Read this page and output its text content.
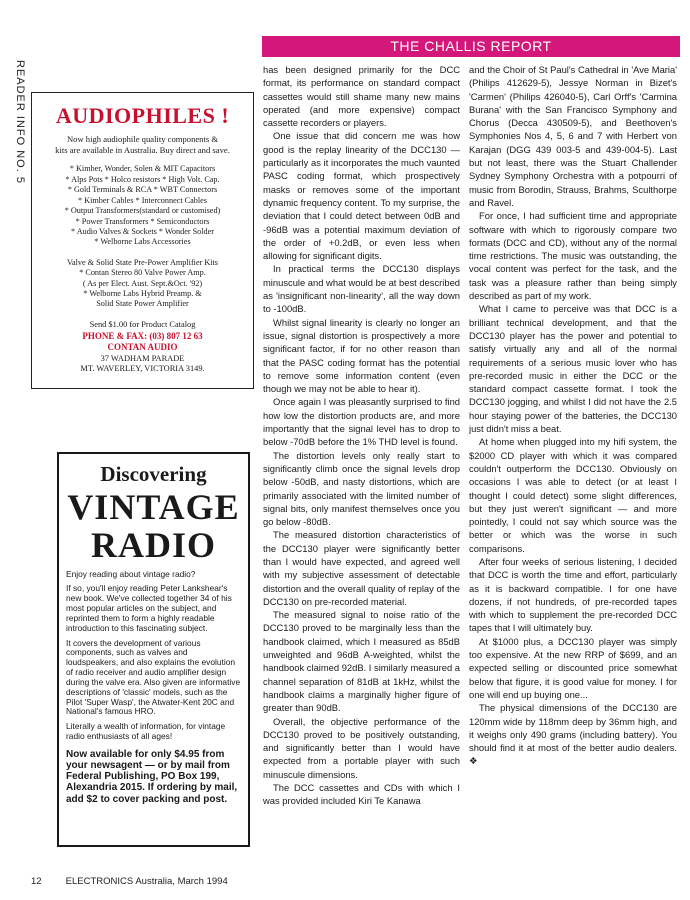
READER INFO NO. 5	AUDIOPHILES !
Now high audiophile quality components &
kits are available in Australia. Buy direct and save.
* Kimber, Wonder, Solen & MIT Capacitors
* Alps Pots * Holco resistors * High Volt. Cap.
* Gold Terminals & RCA * WBT Connectors
* Kimber Cables * Interconnect Cables
* Output Transformers(standard or customised)
* Power Transformers * Semiconductors
* Audio Valves & Sockets * Wonder Solder
* Welborne Labs Accessories
Valve & Solid State Pre-Power Amplifier Kits
* Contan Stereo 80 Valve Power Amp.
( As per Elect. Aust. Sept.&Oct. '92)
* Welborne Labs Hybrid Preamp. &
Solid State Power Amplifier
Send $1.00 for Product Catalog
PHONE & FAX: (03) 807 12 63
CONTAN AUDIO
37 WADHAM PARADE
MT. WAVERLEY, VICTORIA 3149.
Discovering
VINTAGE
RADIO
Enjoy reading about vintage radio?
If so, you'll enjoy reading Peter Lankshear's new book. We've collected together 34 of his most popular articles on the subject, and reprinted them to form a highly readable introduction to this fascinating subject.
It covers the development of various components, such as valves and loudspeakers, and also explains the evolution of radio receiver and audio amplifier design during the valve era. Also given are informative descriptions of 'classic' models, such as the Pilot 'Super Wasp', the Atwater-Kent 20C and National's famous HRO.
Literally a wealth of information, for vintage radio enthusiasts of all ages!
Now available for only $4.95 from your newsagent — or by mail from Federal Publishing, PO Box 199, Alexandria 2015. If ordering by mail, add $2 to cover packing and post.
THE CHALLIS REPORT

has been designed primarily for the DCC format, its performance on standard compact cassettes would still shame many new mains operated (and more expensive) compact cassette recorders or players.

One issue that did concern me was how good is the replay linearity of the DCC130 — particularly as it incorporates the much vaunted PASC coding format, which prospectively masks or removes some of the important dynamic frequency content. To my surprise, the deviation that I could detect between 0dB and -96dB was a potential maximum deviation of the order of +0.2dB, or even less when allowing for significant digits.

In practical terms the DCC130 displays minuscule and what would be at best described as 'insignificant non-linearity', all the way down to -100dB.

Whilst signal linearity is clearly no longer an issue, signal distortion is prospectively a more significant factor, if for no other reason than that the PASC coding format has the potential to remove some information content (even though we may not be able to hear it).

Once again I was pleasantly surprised to find how low the distortion products are, and more importantly that the signal level has to drop to below -70dB before the 1% THD level is found.

The distortion levels only really start to significantly climb once the signal levels drop below -50dB, and nasty distortions, which are primarily associated with the limited number of signal bits, only manifest themselves once you go below -80dB.

The measured distortion characteristics of the DCC130 player were significantly better than I would have expected, and agreed well with my subjective assessment of detectable distortion and the overall quality of replay of the DCC130 on pre-recorded material.

The measured signal to noise ratio of the DCC130 proved to be marginally less than the handbook claimed, which I measured as 85dB unweighted and 96dB A-weighted, whilst the handbook claimed 92dB. I similarly measured a channel separation of 81dB at 1kHz, whilst the handbook claims a marginally higher figure of greater than 90dB.

Overall, the objective performance of the DCC130 proved to be positively outstanding, and significantly better than I would have expected from a portable player with such minuscule dimensions.

The DCC cassettes and CDs with which I was provided included Kiri Te Kanawa

and the Choir of St Paul's Cathedral in 'Ave Maria' (Philips 412629-5), Jessye Norman in Bizet's 'Carmen' (Philips 426040-5), Carl Orff's 'Carmina Burana' with the San Francisco Symphony and Chorus (Decca 430509-5), and Beethoven's Symphonies Nos 4, 5, 6 and 7 with Herbert von Karajan (DGG 439 003-5 and 439-004-5). Last but not least, there was the Stuart Challender Sydney Symphony Orchestra with a potpourri of music from Borodin, Strauss, Brahms, Sculthorpe and Ravel.

For once, I had sufficient time and appropriate software with which to rigorously compare two formats (DCC and CD), without any of the normal time restrictions. The music was outstanding, the vocal content was perfect for the task, and the task was a pleasure rather than being simply described as part of my work.

What I came to perceive was that DCC is a brilliant technical development, and that the DCC130 player has the power and potential to satisfy virtually any and all of the normal requirements of a serious music lover who has pre-recorded music in either the DCC or the standard compact cassette format. I took the DCC130 jogging, and whilst I did not have the 2.5 hour staying power of the batteries, the DCC130 just didn't miss a beat.

At home when plugged into my hifi system, the $2000 CD player with which it was compared couldn't outperform the DCC130. Obviously on occasions I was able to detect (or at least I thought I could detect) some slight differences, but they just weren't significant — and more pointedly, I could not say which source was the better or which was the worse in such comparisons.

After four weeks of serious listening, I decided that DCC is worth the time and effort, particularly as it is backward compatible. I for one have dozens, if not hundreds, of pre-recorded tapes with which to supplement the pre-recorded DCC tapes that I will ultimately buy.

At $1000 plus, a DCC130 player was simply too expensive. At the new RRP of $699, and an expected selling or discounted price somewhat below that figure, it is good value for money. I for one will end up buying one...

The physical dimensions of the DCC130 are 120mm wide by 118mm deep by 36mm high, and it weighs only 490 grams (including battery). You should find it at most of the better audio dealers. ❖

12	ELECTRONICS Australia, March 1994
